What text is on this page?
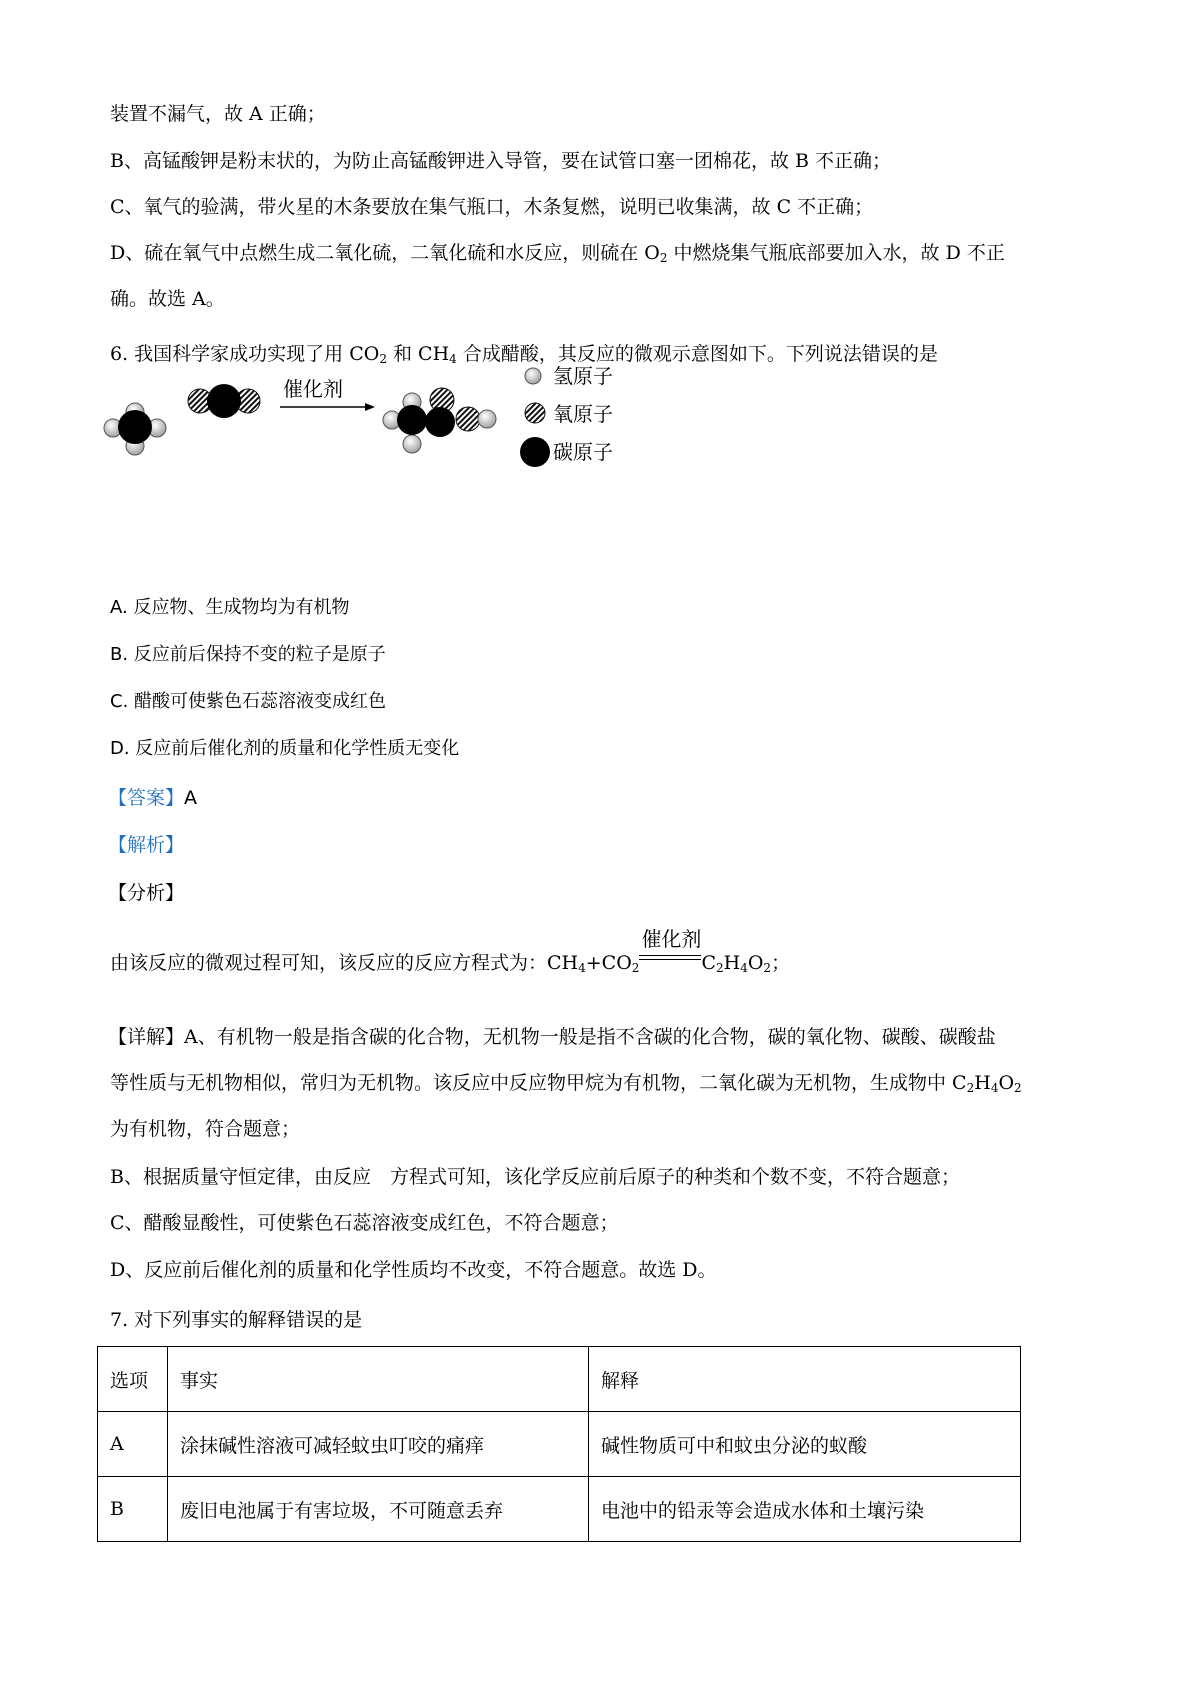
装置不漏气，故 A 正确；
B、高锰酸钾是粉末状的，为防止高锰酸钾进入导管，要在试管口塞一团棉花，故 B 不正确；
C、氧气的验满，带火星的木条要放在集气瓶口，木条复燃，说明已收集满，故 C 不正确；
D、硫在氧气中点燃生成二氧化硫，二氧化硫和水反应，则硫在 $O_2$ 中燃烧集气瓶底部要加入水，故 D 不正
确。故选 A。
6. 我国科学家成功实现了用 $CO_2$ 和 $CH_4$ 合成醋酸，其反应的微观示意图如下。下列说法错误的是
催化剂
氢原子
氧原子
碳原子
A. 反应物、生成物均为有机物
B. 反应前后保持不变的粒子是原子
C. 醋酸可使紫色石蕊溶液变成红色
D. 反应前后催化剂的质量和化学性质无变化
【答案】A
【解析】
【分析】
由该反应的微观过程可知，该反应的反应方程式为：$CH_4+CO_2$
催化剂
$C_2H_4O_2$；
【详解】A、有机物一般是指含碳的化合物，无机物一般是指不含碳的化合物，碳的氧化物、碳酸、碳酸盐
等性质与无机物相似，常归为无机物。该反应中反应物甲烷为有机物，二氧化碳为无机物，生成物中 $C_2H_4O_2$
为有机物，符合题意；
B、根据质量守恒定律，由反应　方程式可知，该化学反应前后原子的种类和个数不变，不符合题意；
C、醋酸显酸性，可使紫色石蕊溶液变成红色，不符合题意；
D、反应前后催化剂的质量和化学性质均不改变，不符合题意。故选 D。
7. 对下列事实的解释错误的是
选项	事实	解释
A	涂抹碱性溶液可减轻蚊虫叮咬的痛痒	碱性物质可中和蚊虫分泌的蚁酸
B	废旧电池属于有害垃圾，不可随意丢弃	电池中的铅汞等会造成水体和土壤污染
